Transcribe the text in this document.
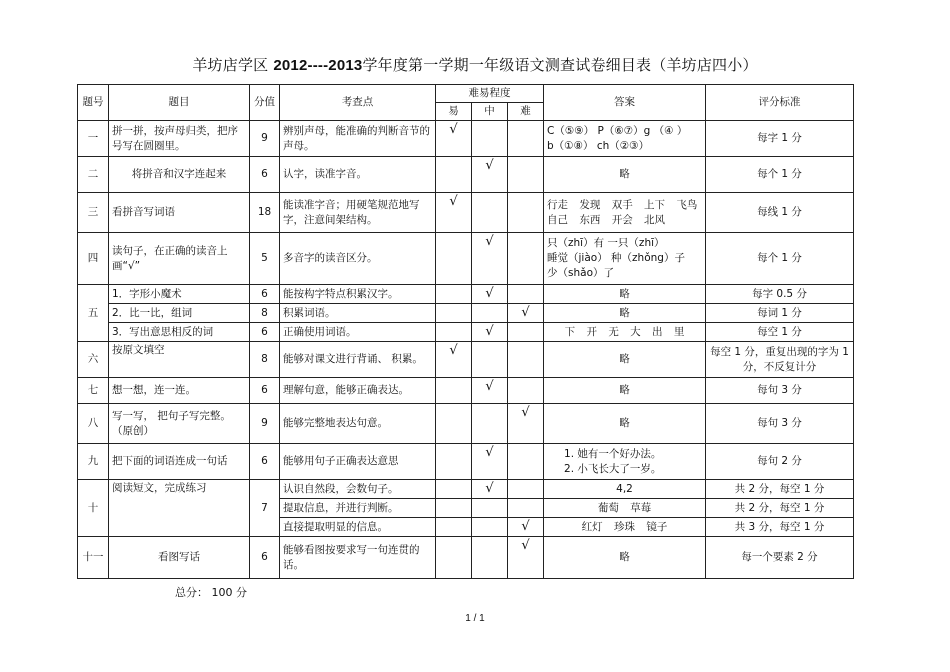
羊坊店学区 2012----2013学年度第一学期一年级语文测查试卷细目表（羊坊店四小）
题号	题目	分值	考查点	难易程度			答案	评分标准
				易	中	难		
一	拼一拼，按声母归类，把序号写在圆圈里。	9	辨别声母，能准确的判断音节的声母。	√			C（⑤⑨） P（⑥⑦）g （④ ）
b（①⑧） ch（②③）	每字 1 分
二	将拼音和汉字连起来	6	认字，读准字音。		√		略	每个 1 分
三	看拼音写词语	18	能读准字音；用硬笔规范地写字，注意间架结构。	√			行走 发现 双手 上下 飞鸟
自己 东西 开会 北风	每线 1 分
四	读句子，在正确的读音上画“√”	5	多音字的读音区分。		√		只（zhī）有 一只（zhī）
睡觉（jiào） 种（zhǒng）子
少（shǎo）了	每个 1 分
五	1．字形小魔术	6	能按构字特点积累汉字。		√		略	每字 0.5 分
	2．比一比，组词	8	积累词语。			√	略	每词 1 分
	3．写出意思相反的词	6	正确使用词语。		√		下 开 无 大 出 里	每空 1 分
六	按原文填空	8	能够对课文进行背诵、 积累。	√			略	每空 1 分，重复出现的字为 1 分，不反复计分
七	想一想，连一连。	6	理解句意，能够正确表达。		√		略	每句 3 分
八	写一写， 把句子写完整。（原创）	9	能够完整地表达句意。			√	略	每句 3 分
九	把下面的词语连成一句话	6	能够用句子正确表达意思		√		1. 她有一个好办法。
2. 小飞长大了一岁。	每句 2 分
十	阅读短文，完成练习	7	认识自然段，会数句子。		√		4,2	共 2 分，每空 1 分
			提取信息，并进行判断。				葡萄 草莓	共 2 分，每空 1 分
			直接提取明显的信息。			√	红灯 珍珠 镜子	共 3 分，每空 1 分
十一	看图写话	6	能够看图按要求写一句连贯的话。			√	略	每一个要素 2 分
总分： 100 分
1 / 1
